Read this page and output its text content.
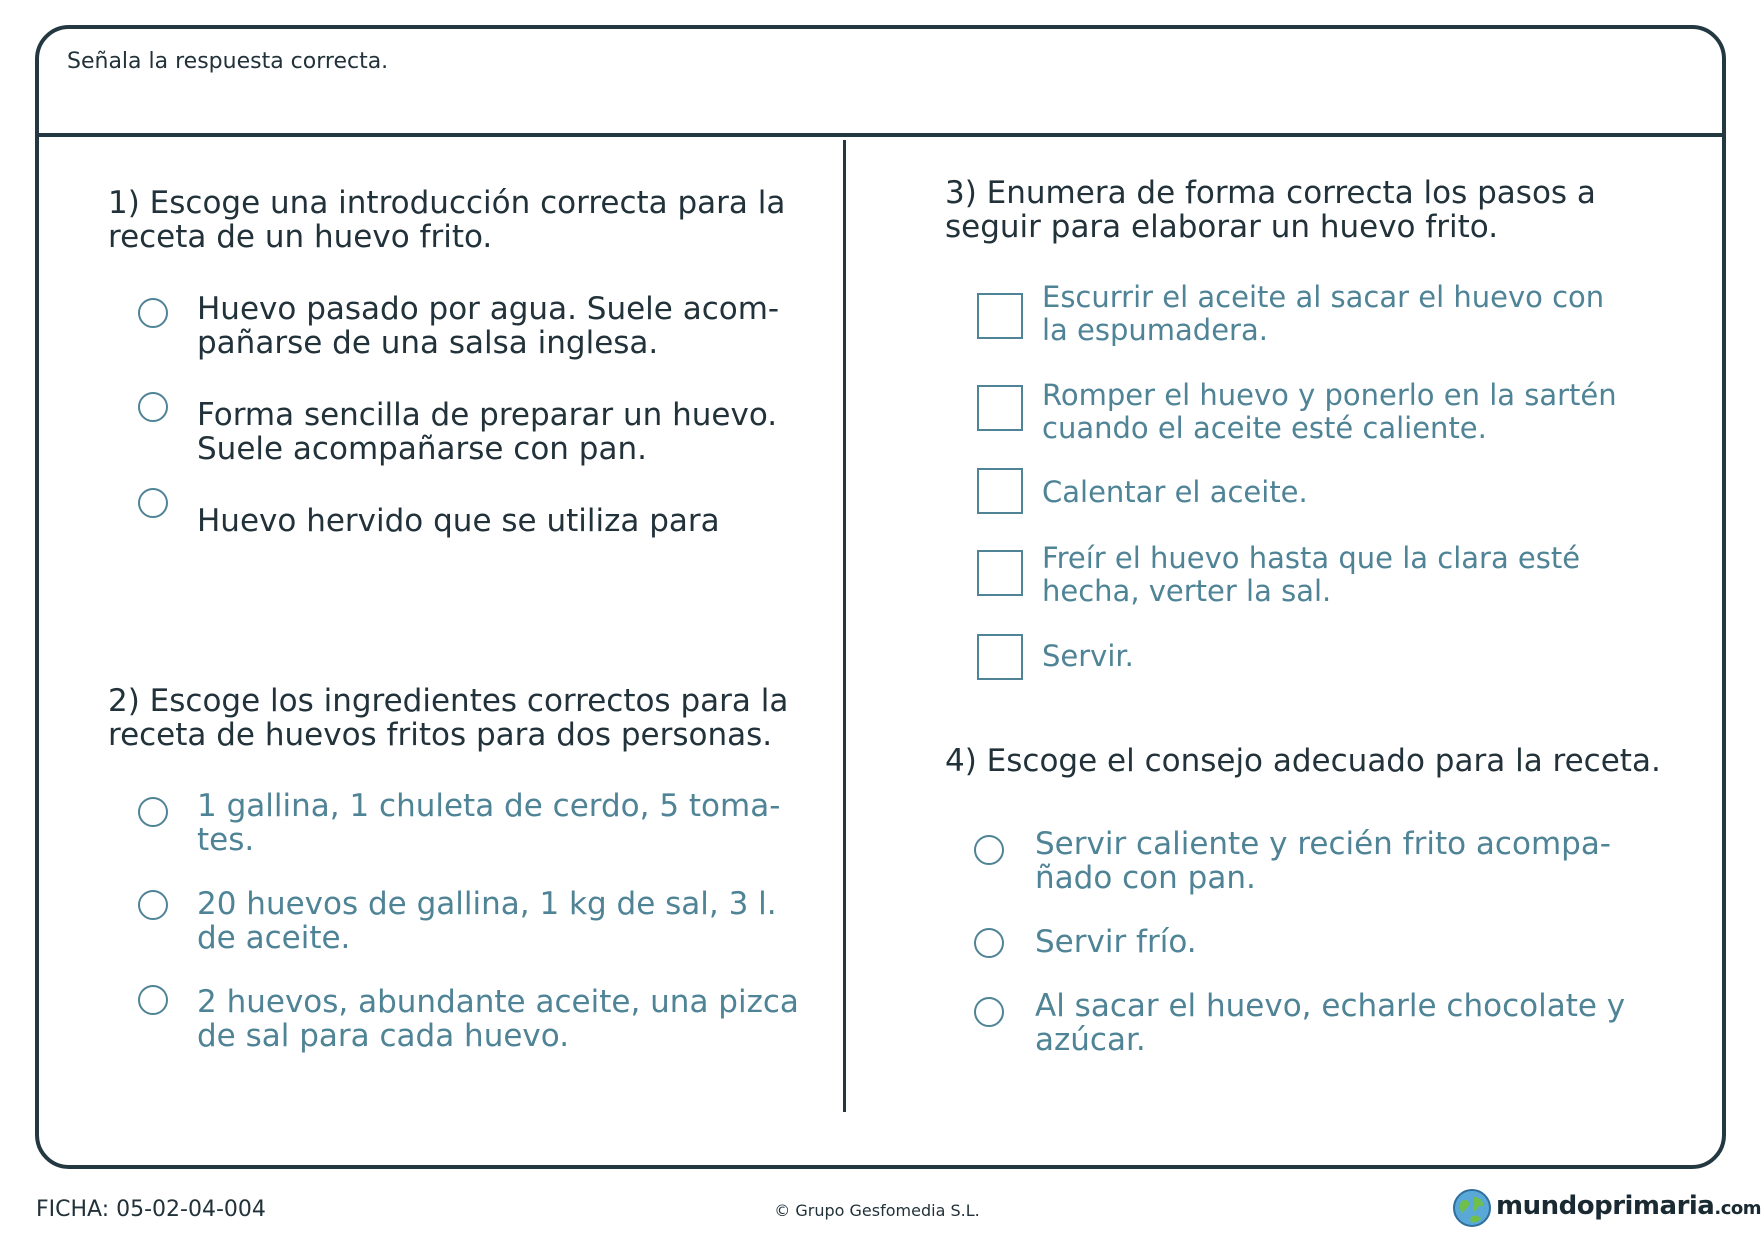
Señala la respuesta correcta.
1) Escoge una introducción correcta para la
receta de un huevo frito.
Huevo pasado por agua. Suele acom-
pañarse de una salsa inglesa.
Forma sencilla de preparar un huevo.
Suele acompañarse con pan.
Huevo hervido que se utiliza para
2) Escoge los ingredientes correctos para la
receta de huevos fritos para dos personas.
1 gallina, 1 chuleta de cerdo, 5 toma-
tes.
20 huevos de gallina, 1 kg de sal, 3 l.
de aceite.
2 huevos, abundante aceite, una pizca
de sal para cada huevo.
3) Enumera de forma correcta los pasos a
seguir para elaborar un huevo frito.
Escurrir el aceite al sacar el huevo con
la espumadera.
Romper el huevo y ponerlo en la sartén
cuando el aceite esté caliente.
Calentar el aceite.
Freír el huevo hasta que la clara esté
hecha, verter la sal.
Servir.
4) Escoge el consejo adecuado para la receta.
Servir caliente y recién frito acompa-
ñado con pan.
Servir frío.
Al sacar el huevo, echarle chocolate y
azúcar.
FICHA: 05-02-04-004	© Grupo Gesfomedia S.L.	mundoprimaria.com
